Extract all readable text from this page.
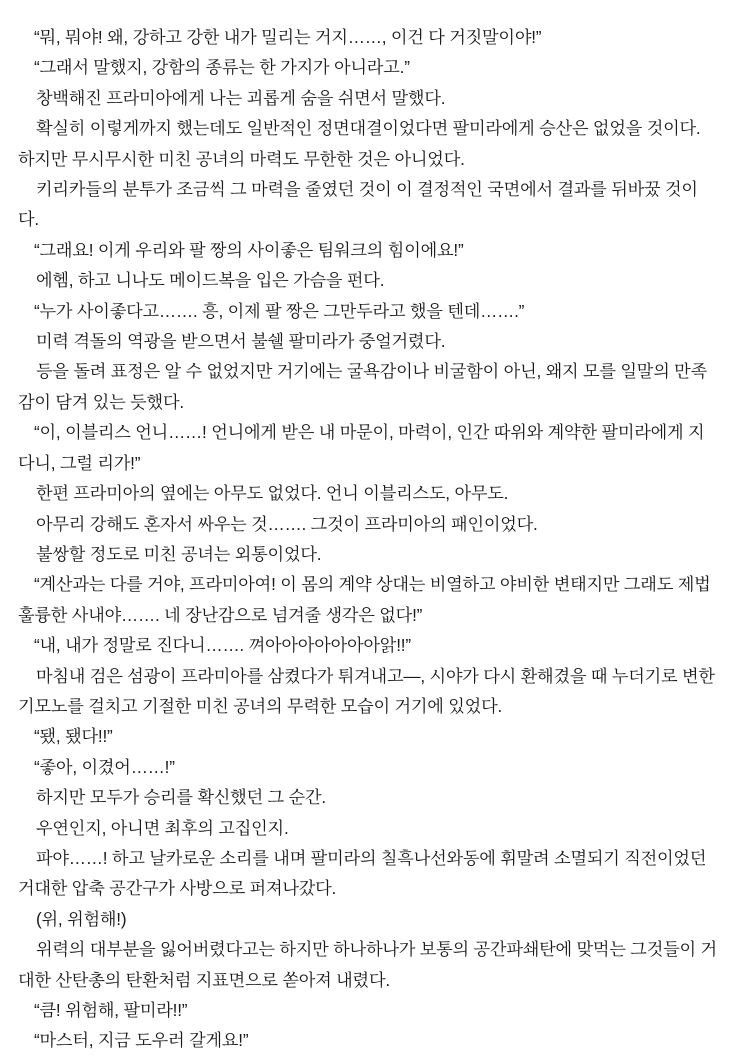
“뭐, 뭐야! 왜, 강하고 강한 내가 밀리는 거지……, 이건 다 거짓말이야!”

“그래서 말했지, 강함의 종류는 한 가지가 아니라고.”

창백해진 프라미아에게 나는 괴롭게 숨을 쉬면서 말했다.

확실히 이렇게까지 했는데도 일반적인 정면대결이었다면 팔미라에게 승산은 없었을 것이다. 하지만 무시무시한 미친 공녀의 마력도 무한한 것은 아니었다.

키리카들의 분투가 조금씩 그 마력을 줄였던 것이 이 결정적인 국면에서 결과를 뒤바꿌 것이다.

“그래요! 이게 우리와 팔 짱의 사이좋은 팀워크의 힘이에요!”

에헴, 하고 니나도 메이드복을 입은 가슴을 펀다.

“누가 사이좋다고……. 흥, 이제 팔 짱은 그만두라고 했을 텐데…….”

미력 격돌의 역광을 받으면서 불쉘 팔미라가 중얼거렸다.

등을 돌려 표정은 알 수 없었지만 거기에는 굴욕감이나 비굴함이 아닌, 왜지 모를 일말의 만족감이 담겨 있는 듯했다.

“이, 이블리스 언니……! 언니에게 받은 내 마문이, 마력이, 인간 따위와 계약한 팔미라에게 지다니, 그럴 리가!”

한편 프라미아의 옆에는 아무도 없었다. 언니 이블리스도, 아무도.

아무리 강해도 혼자서 싸우는 것……. 그것이 프라미아의 패인이었다.

불쌍할 정도로 미친 공녀는 외통이었다.

“계산과는 다를 거야, 프라미아여! 이 몸의 계약 상대는 비열하고 야비한 변태지만 그래도 제법 훌륭한 사내야……. 네 장난감으로 넘겨줄 생각은 없다!”

“내, 내가 정말로 진다니……. 껴아아아아아아아앍!!”

마침내 검은 섬광이 프라미아를 삼켰다가 튀겨내고—, 시야가 다시 환해겼을 때 누더기로 변한 기모노를 걸치고 기절한 미친 공녀의 무력한 모습이 거기에 있었다.

“됐, 됐다!!”

“좋아, 이겼어……!”

하지만 모두가 승리를 확신했던 그 순간.

우연인지, 아니면 최후의 고집인지.

파야……! 하고 날카로운 소리를 내며 팔미라의 칠흑나선와동에 휘말려 소멸되기 직전이었던 거대한 압축 공간구가 사방으로 퍼져나갔다.

(위, 위험해!)

위력의 대부분을 잃어버렸다고는 하지만 하나하나가 보통의 공간파쇄탄에 맞먹는 그것들이 거대한 산탄총의 탄환처럼 지표면으로 쏟아져 내렸다.

“큼! 위험해, 팔미라!!”

“마스터, 지금 도우러 갈게요!”
